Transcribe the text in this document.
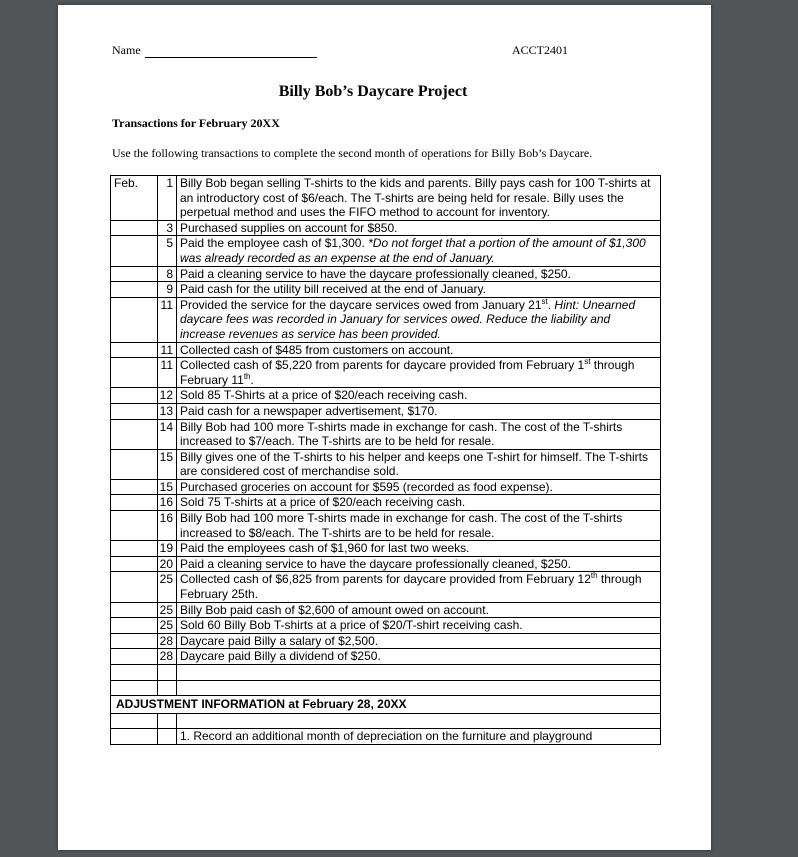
Name	ACCT2401
Billy Bob’s Daycare Project
Transactions for February 20XX
Use the following transactions to complete the second month of operations for Billy Bob’s Daycare.
Feb.	1	Billy Bob began selling T-shirts to the kids and parents. Billy pays cash for 100 T-shirts at an introductory cost of $6/each. The T-shirts are being held for resale. Billy uses the perpetual method and uses the FIFO method to account for inventory.
	3	Purchased supplies on account for $850.
	5	Paid the employee cash of $1,300. *Do not forget that a portion of the amount of $1,300 was already recorded as an expense at the end of January.
	8	Paid a cleaning service to have the daycare professionally cleaned, $250.
	9	Paid cash for the utility bill received at the end of January.
	11	Provided the service for the daycare services owed from January 21st. Hint: Unearned daycare fees was recorded in January for services owed. Reduce the liability and increase revenues as service has been provided.
	11	Collected cash of $485 from customers on account.
	11	Collected cash of $5,220 from parents for daycare provided from February 1st through February 11th.
	12	Sold 85 T-Shirts at a price of $20/each receiving cash.
	13	Paid cash for a newspaper advertisement, $170.
	14	Billy Bob had 100 more T-shirts made in exchange for cash. The cost of the T-shirts increased to $7/each. The T-shirts are to be held for resale.
	15	Billy gives one of the T-shirts to his helper and keeps one T-shirt for himself. The T-shirts are considered cost of merchandise sold.
	15	Purchased groceries on account for $595 (recorded as food expense).
	16	Sold 75 T-shirts at a price of $20/each receiving cash.
	16	Billy Bob had 100 more T-shirts made in exchange for cash. The cost of the T-shirts increased to $8/each. The T-shirts are to be held for resale.
	19	Paid the employees cash of $1,960 for last two weeks.
	20	Paid a cleaning service to have the daycare professionally cleaned, $250.
	25	Collected cash of $6,825 from parents for daycare provided from February 12th through February 25th.
	25	Billy Bob paid cash of $2,600 of amount owed on account.
	25	Sold 60 Billy Bob T-shirts at a price of $20/T-shirt receiving cash.
	28	Daycare paid Billy a salary of $2,500.
	28	Daycare paid Billy a dividend of $250.

ADJUSTMENT INFORMATION at February 28, 20XX		

		1. Record an additional month of depreciation on the furniture and playground
